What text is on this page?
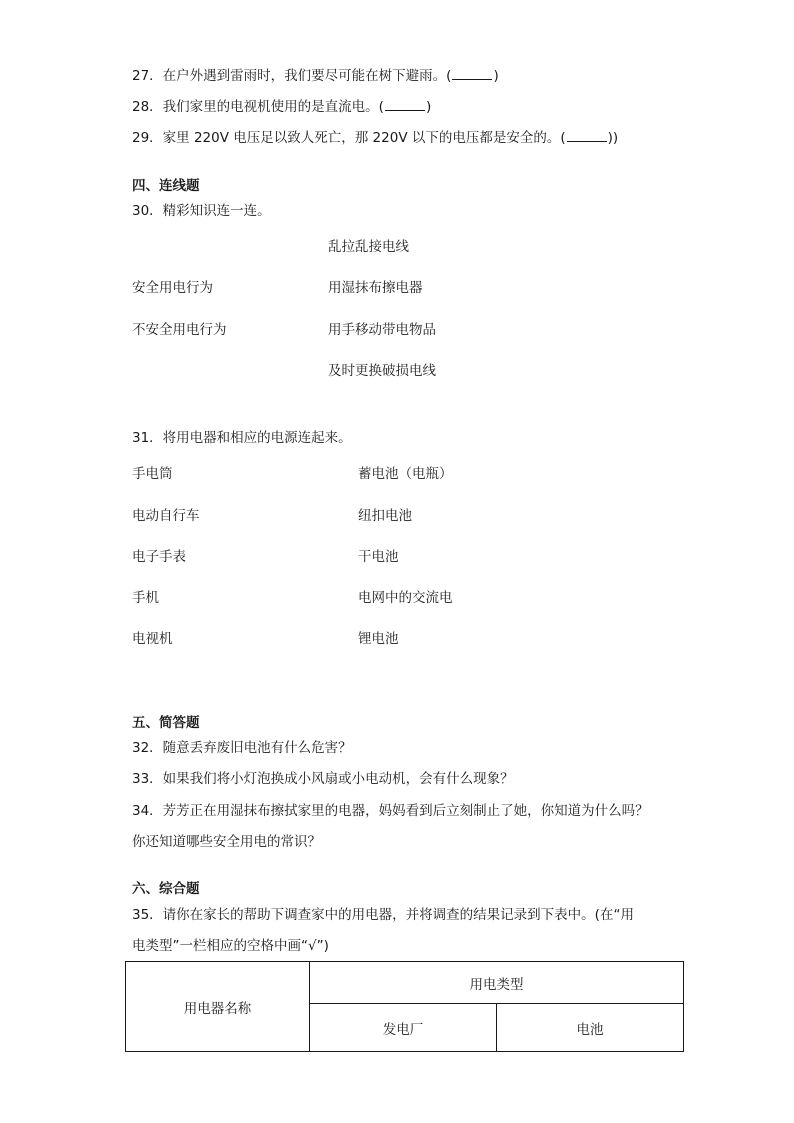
27．在户外遇到雷雨时，我们要尽可能在树下避雨。(	)
28．我们家里的电视机使用的是直流电。(	)
29．家里 220V 电压足以致人死亡，那 220V 以下的电压都是安全的。(	))
四、连线题
30．精彩知识连一连。
乱拉乱接电线
安全用电行为	用湿抹布擦电器
不安全用电行为	用手移动带电物品
及时更换破损电线
31．将用电器和相应的电源连起来。
手电筒	蓄电池（电瓶）
电动自行车	纽扣电池
电子手表	干电池
手机	电网中的交流电
电视机	锂电池
五、简答题
32．随意丢弃废旧电池有什么危害？
33．如果我们将小灯泡换成小风扇或小电动机，会有什么现象？
34．芳芳正在用湿抹布擦拭家里的电器，妈妈看到后立刻制止了她，你知道为什么吗？
你还知道哪些安全用电的常识？
六、综合题
35．请你在家长的帮助下调查家中的用电器，并将调查的结果记录到下表中。(在“用
电类型”一栏相应的空格中画“√”)
用电器名称	用电类型	
	发电厂	电池
